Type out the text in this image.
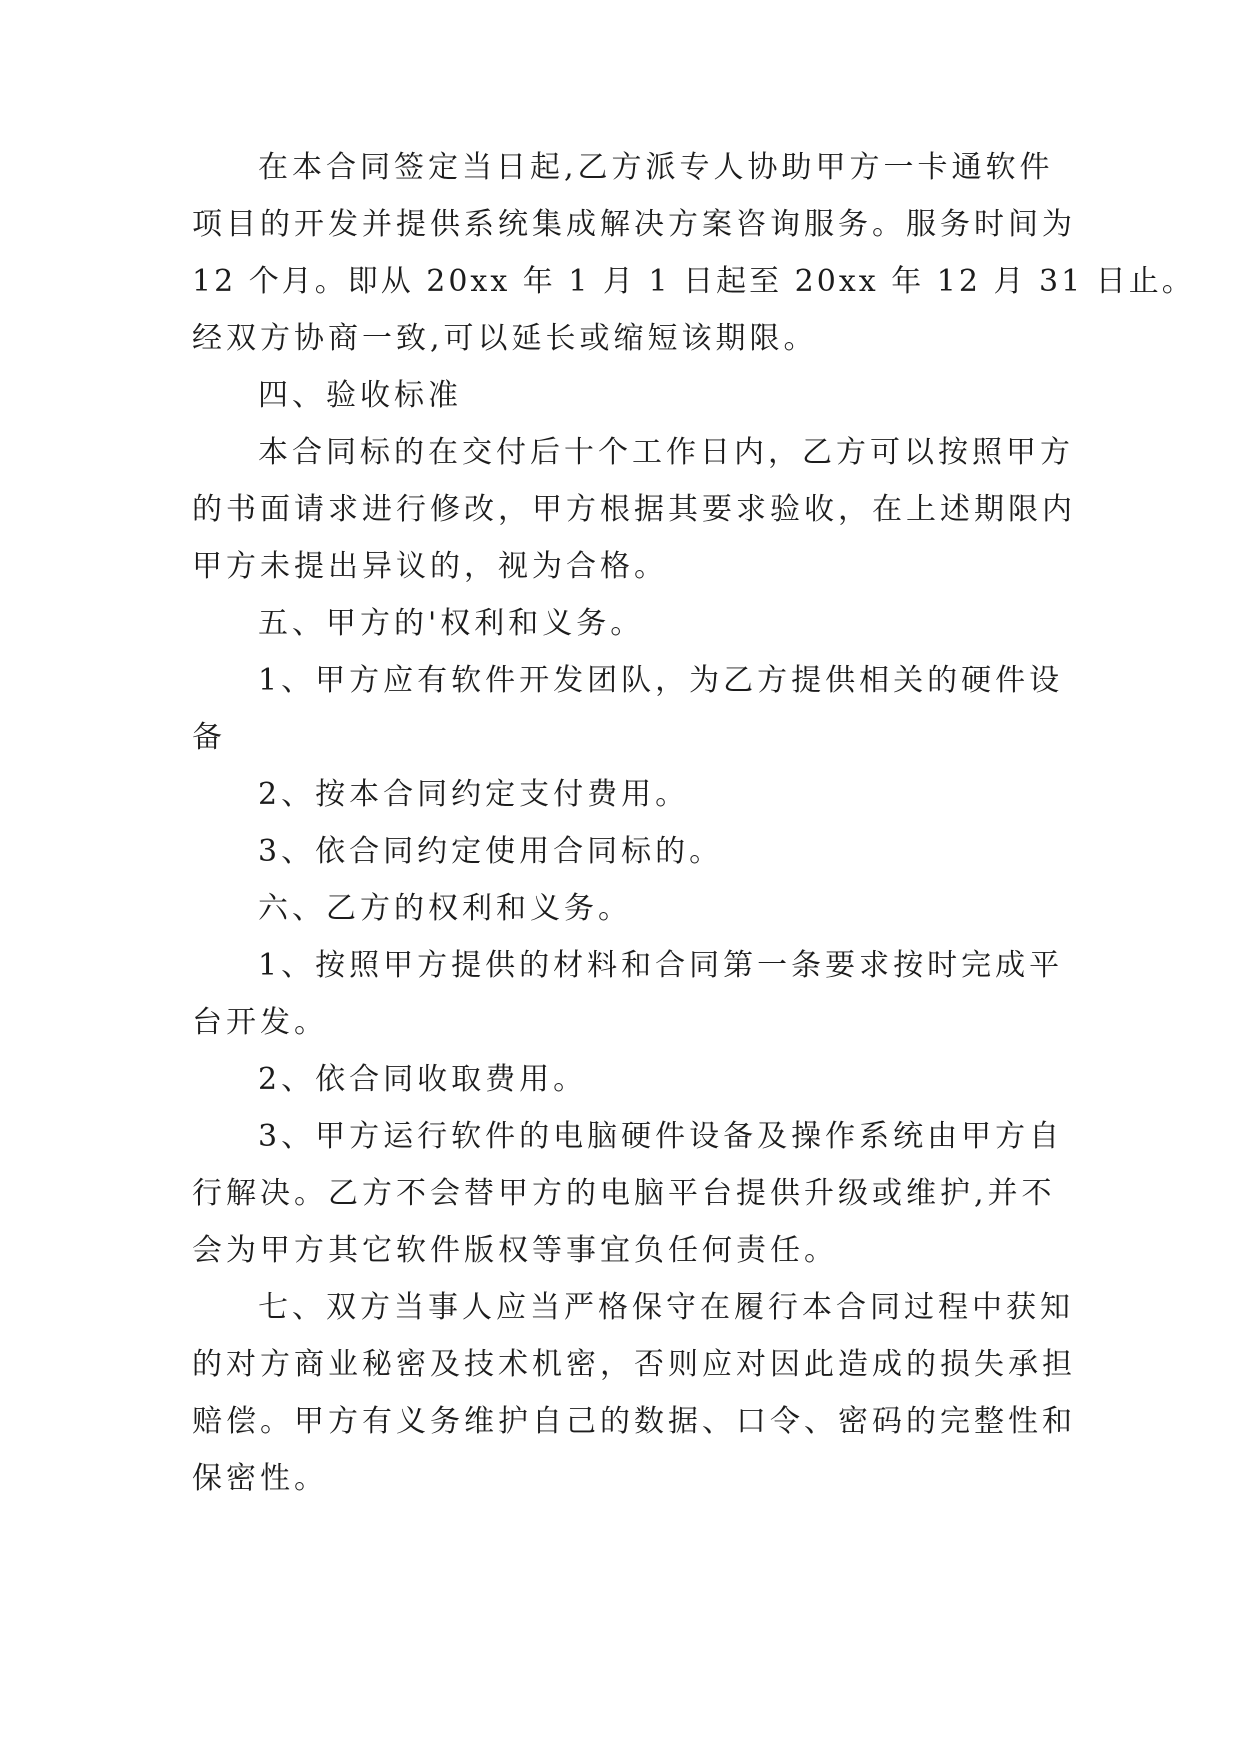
在本合同签定当日起,乙方派专人协助甲方一卡通软件

项目的开发并提供系统集成解决方案咨询服务。服务时间为

12 个月。即从 20xx 年 1 月 1 日起至 20xx 年 12 月 31 日止。

经双方协商一致,可以延长或缩短该期限。

四、验收标准

本合同标的在交付后十个工作日内，乙方可以按照甲方

的书面请求进行修改，甲方根据其要求验收，在上述期限内

甲方未提出异议的，视为合格。

五、甲方的'权利和义务。

1、甲方应有软件开发团队，为乙方提供相关的硬件设

备

2、按本合同约定支付费用。

3、依合同约定使用合同标的。

六、乙方的权利和义务。

1、按照甲方提供的材料和合同第一条要求按时完成平

台开发。

2、依合同收取费用。

3、甲方运行软件的电脑硬件设备及操作系统由甲方自

行解决。乙方不会替甲方的电脑平台提供升级或维护,并不

会为甲方其它软件版权等事宜负任何责任。

七、双方当事人应当严格保守在履行本合同过程中获知

的对方商业秘密及技术机密，否则应对因此造成的损失承担

赔偿。甲方有义务维护自己的数据、口令、密码的完整性和

保密性。
